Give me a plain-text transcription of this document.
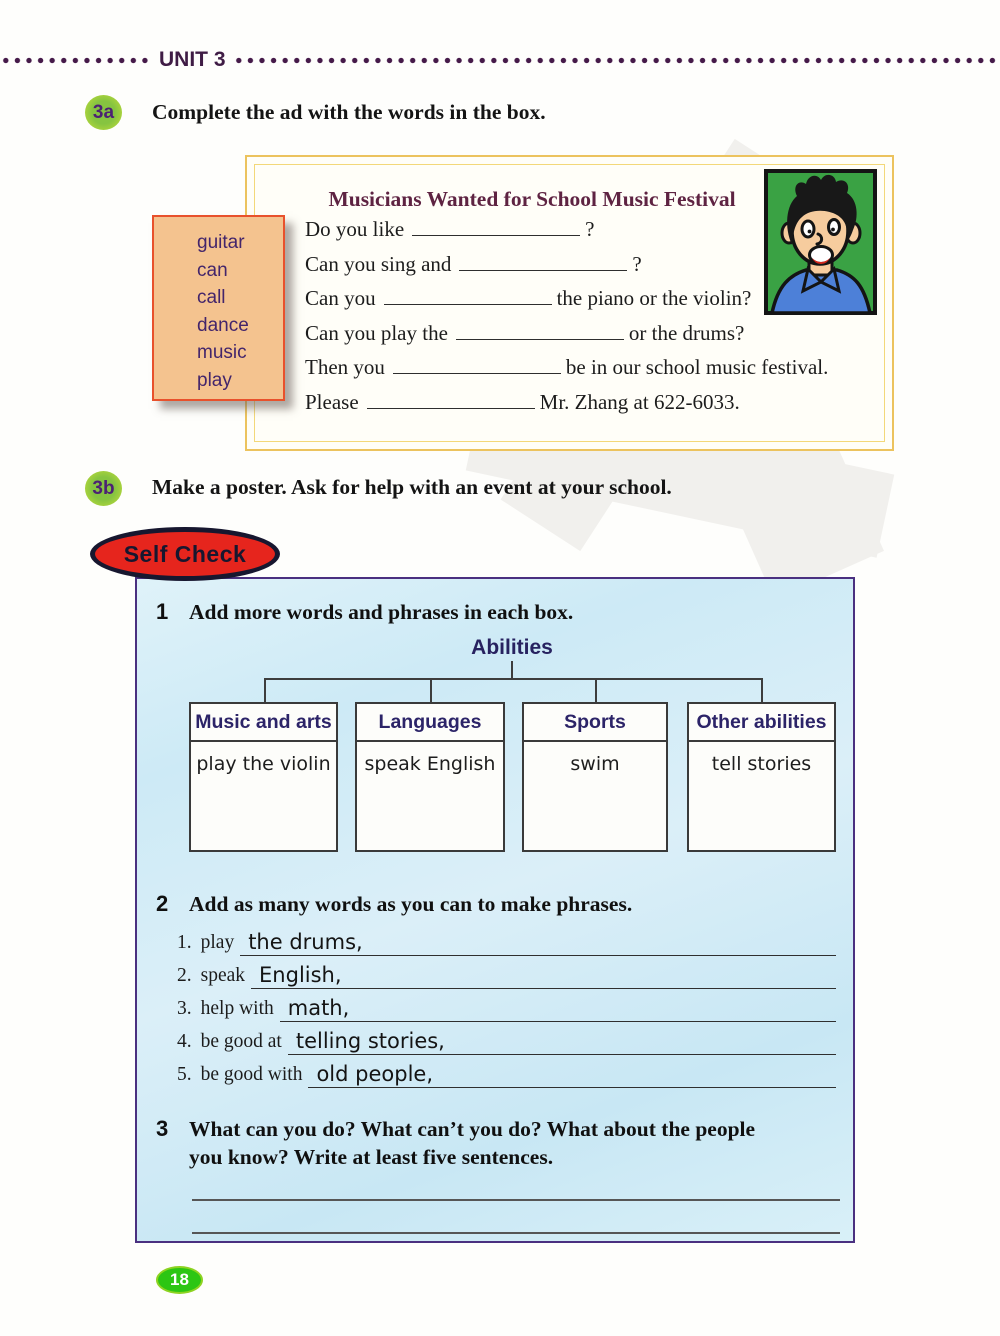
UNIT 3
3a	Complete the ad with the words in the box.
Musicians Wanted for School Music Festival
Do you like	?
Can you sing and	?
Can you	the piano or the violin?
Can you play the	or the drums?
Then you	be in our school music festival.
Please	Mr. Zhang at 622-6033.
guitar
can
call
dance
music
play
3b	Make a poster. Ask for help with an event at your school.
Self Check
1 Add more words and phrases in each box.
Abilities
Music and arts
play the violin
Languages
speak English
Sports
swim
Other abilities
tell stories
2 Add as many words as you can to make phrases.
1. play the drums,
2. speak English,
3. help with math,
4. be good at telling stories,
5. be good with old people,
3 What can you do? What can’t you do? What about the people
you know? Write at least five sentences.
18
